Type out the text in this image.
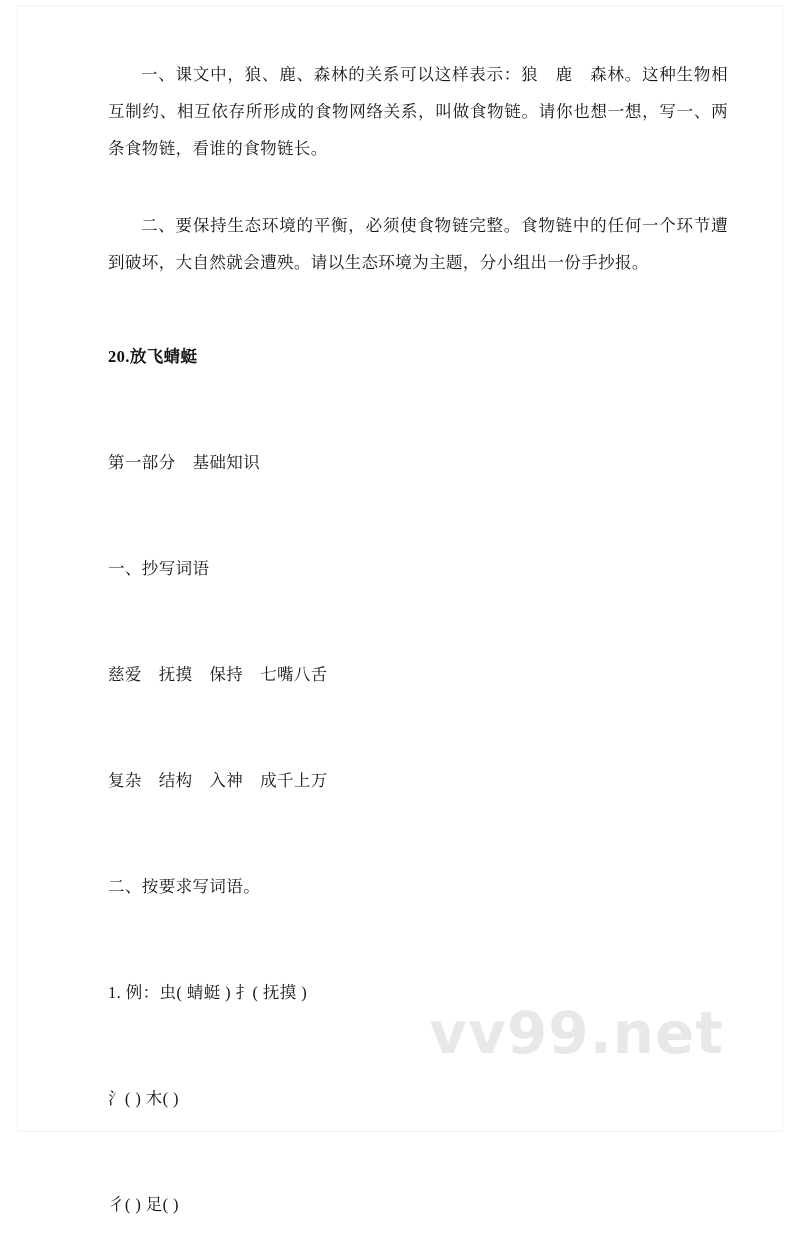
一、课文中，狼、鹿、森林的关系可以这样表示：狼　鹿　森林。这种生物相互制约、相互依存所形成的食物网络关系，叫做食物链。请你也想一想，写一、两条食物链，看谁的食物链长。

二、要保持生态环境的平衡，必须使食物链完整。食物链中的任何一个环节遭到破坏，大自然就会遭殃。请以生态环境为主题，分小组出一份手抄报。

20.放飞蜻蜓

第一部分　基础知识

一、抄写词语

慈爱　抚摸　保持　七嘴八舌

复杂　结构　入神　成千上万

二、按要求写词语。

1. 例：虫( 蜻蜓 ) 扌( 抚摸 )

氵( ) 木( )

彳( ) 足( )

vv99.net
